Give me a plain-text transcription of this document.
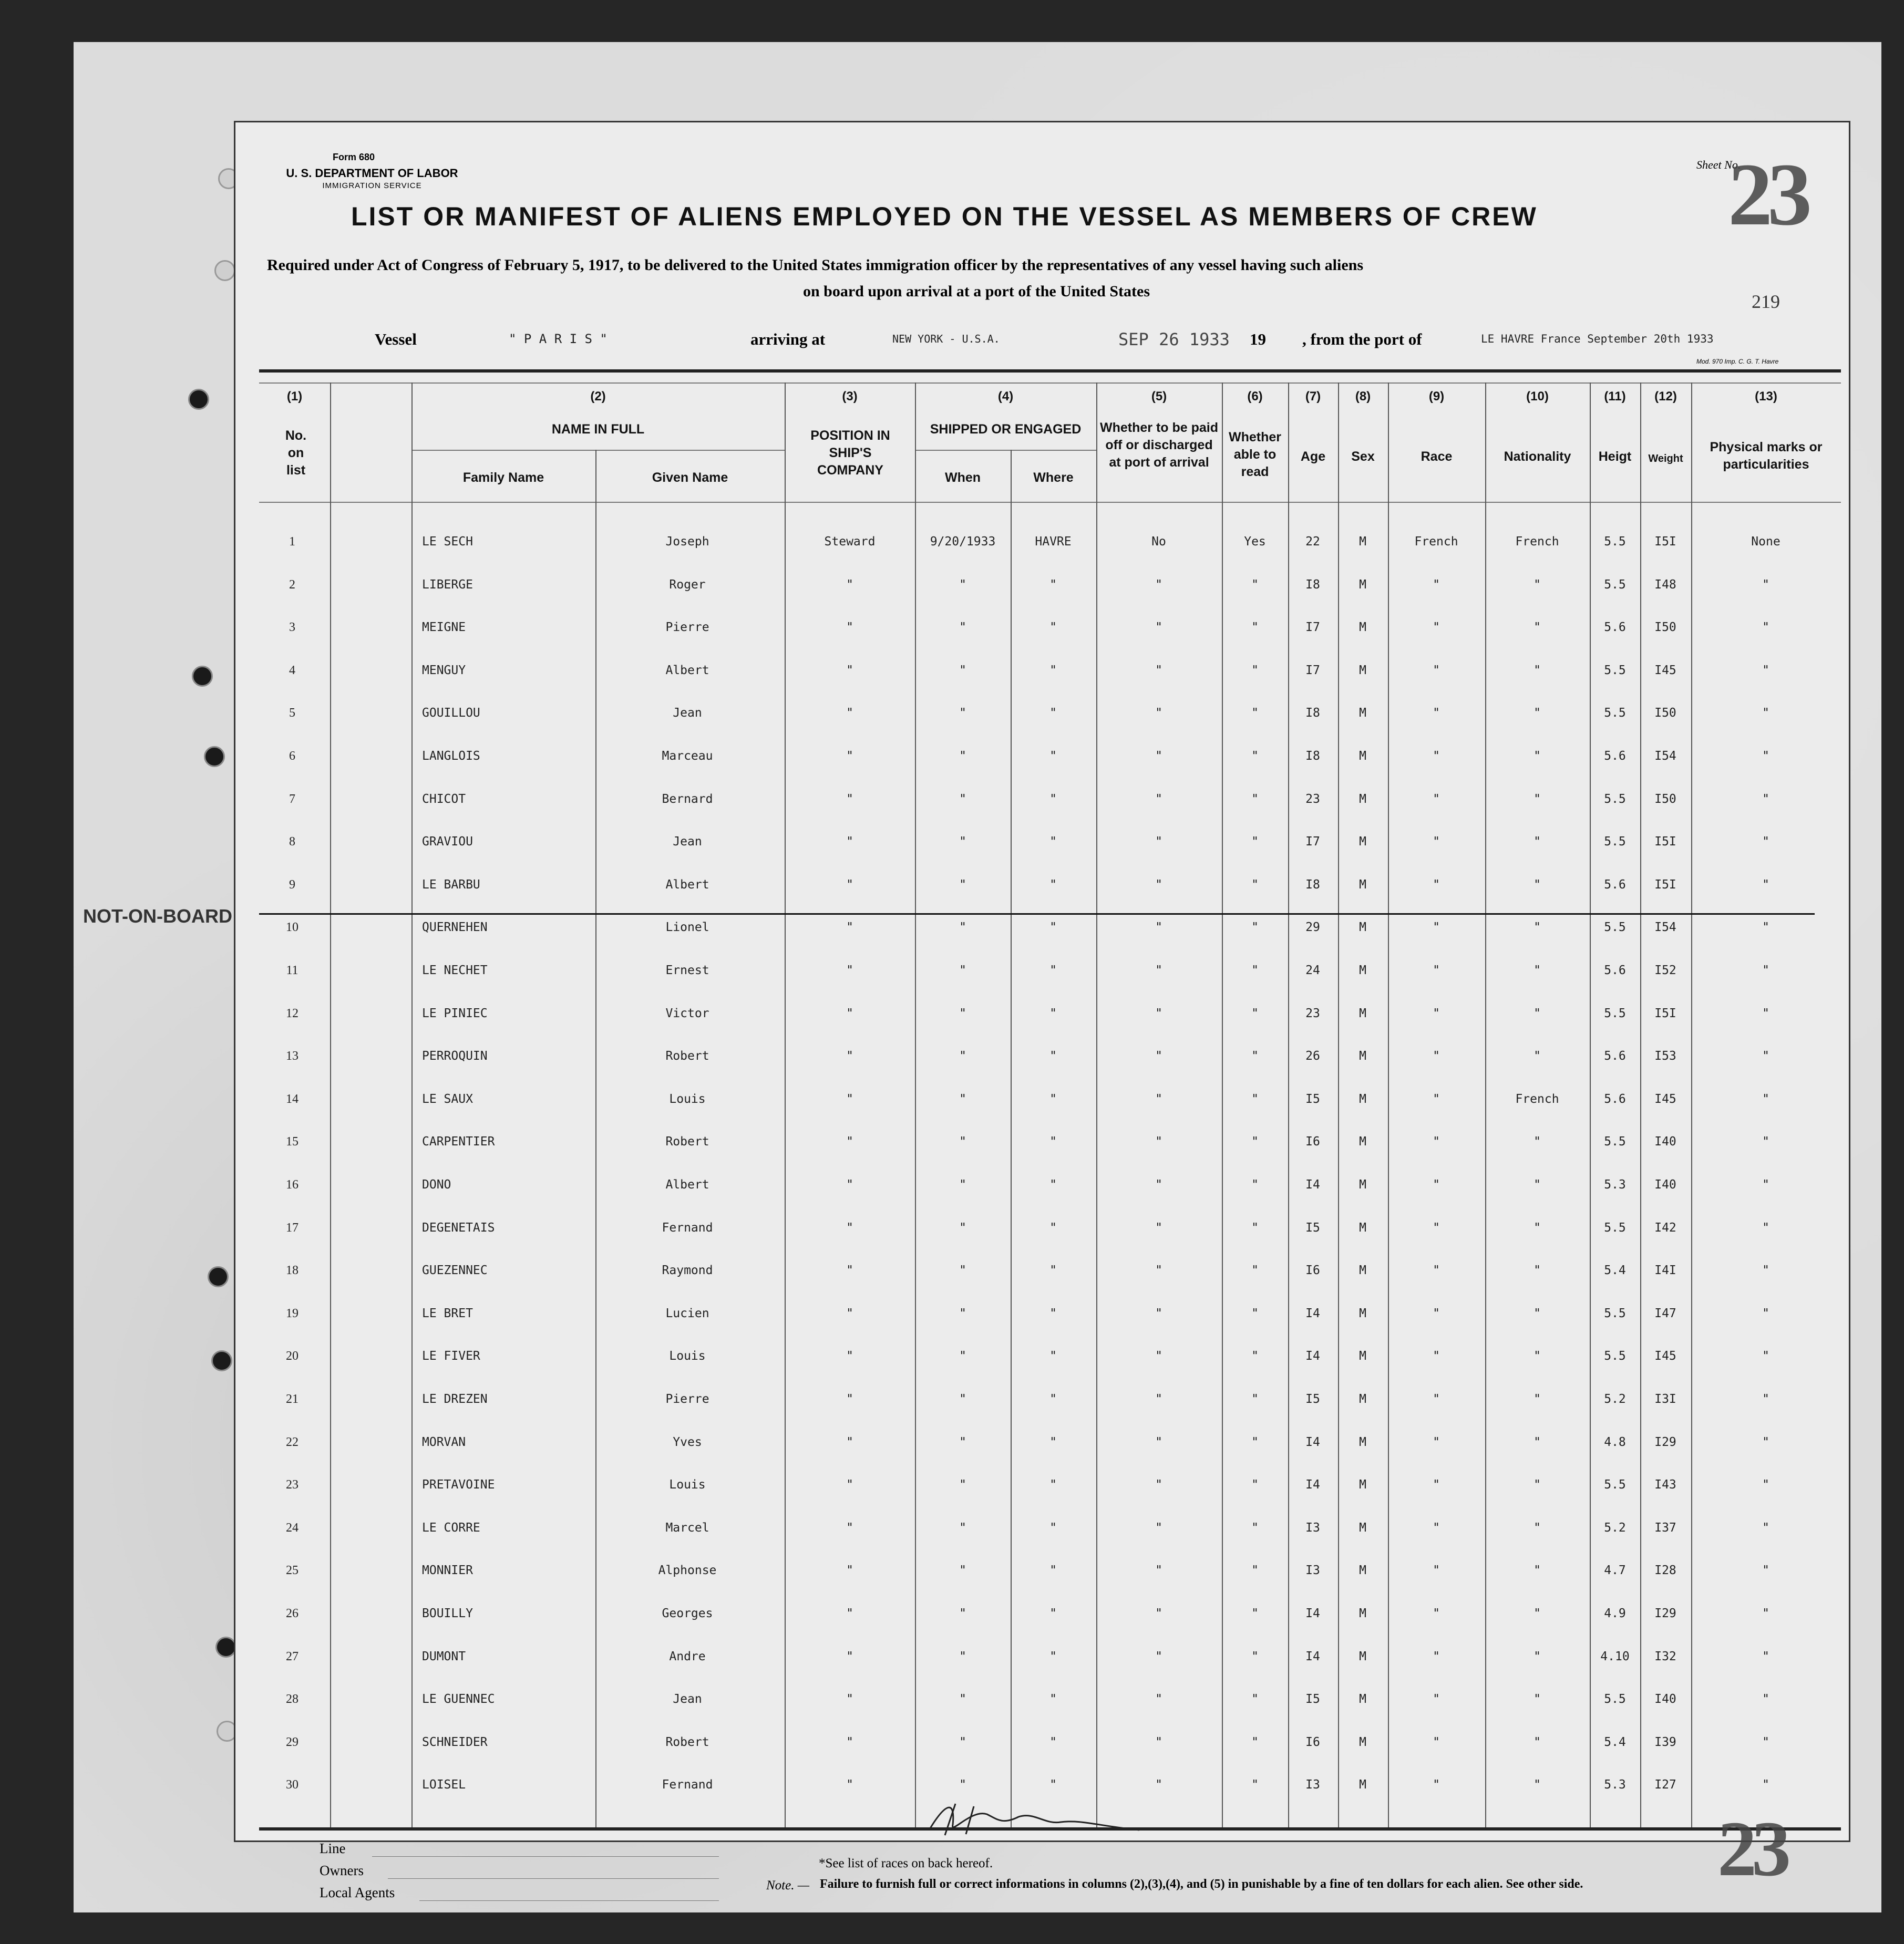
Form 680
U. S. DEPARTMENT OF LABOR
IMMIGRATION SERVICE
LIST OR MANIFEST OF ALIENS EMPLOYED ON THE VESSEL AS MEMBERS OF CREW
Required under Act of Congress of February 5, 1917, to be delivered to the United States immigration officer by the representatives of any vessel having such aliens
on board upon arrival at a port of the United States
Sheet No.
23
219
Vessel	" P A R I S "	arriving at	NEW YORK - U.S.A.	SEP 26 1933 19 , from the port of	LE HAVRE France September 20th 1933
Mod. 970 Imp. C. G. T. Havre
(1)	(2)	(3)	(4)	(5)	(6)	(7)	(8)	(9)	(10)	(11)	(12)	(13)
No. on list
NAME IN FULL
Family Name	Given Name
POSITION IN SHIP'S COMPANY
SHIPPED OR ENGAGED
When	Where
Whether to be paid off or discharged at port of arrival
Whether able to read
Age	Sex	Race	Nationality	Heigt	Weight
Physical marks or particularities
1	LE SECH	Joseph	Steward	9/20/1933	HAVRE	No	Yes	22	M	French	French	5.5	I5I	None
2	LIBERGE	Roger	"	"	"	"	"	I8	M	"	"	5.5	I48	"
3	MEIGNE	Pierre	"	"	"	"	"	I7	M	"	"	5.6	I50	"
4	MENGUY	Albert	"	"	"	"	"	I7	M	"	"	5.5	I45	"
5	GOUILLOU	Jean	"	"	"	"	"	I8	M	"	"	5.5	I50	"
6	LANGLOIS	Marceau	"	"	"	"	"	I8	M	"	"	5.6	I54	"
7	CHICOT	Bernard	"	"	"	"	"	23	M	"	"	5.5	I50	"
8	GRAVIOU	Jean	"	"	"	"	"	I7	M	"	"	5.5	I5I	"
9	LE BARBU	Albert	"	"	"	"	"	I8	M	"	"	5.6	I5I	"
10	QUERNEHEN	Lionel	"	"	"	"	"	29	M	"	"	5.5	I54	"
11	LE NECHET	Ernest	"	"	"	"	"	24	M	"	"	5.6	I52	"
12	LE PINIEC	Victor	"	"	"	"	"	23	M	"	"	5.5	I5I	"
13	PERROQUIN	Robert	"	"	"	"	"	26	M	"	"	5.6	I53	"
14	LE SAUX	Louis	"	"	"	"	"	I5	M	"	French	5.6	I45	"
15	CARPENTIER	Robert	"	"	"	"	"	I6	M	"	"	5.5	I40	"
16	DONO	Albert	"	"	"	"	"	I4	M	"	"	5.3	I40	"
17	DEGENETAIS	Fernand	"	"	"	"	"	I5	M	"	"	5.5	I42	"
18	GUEZENNEC	Raymond	"	"	"	"	"	I6	M	"	"	5.4	I4I	"
19	LE BRET	Lucien	"	"	"	"	"	I4	M	"	"	5.5	I47	"
20	LE FIVER	Louis	"	"	"	"	"	I4	M	"	"	5.5	I45	"
21	LE DREZEN	Pierre	"	"	"	"	"	I5	M	"	"	5.2	I3I	"
22	MORVAN	Yves	"	"	"	"	"	I4	M	"	"	4.8	I29	"
23	PRETAVOINE	Louis	"	"	"	"	"	I4	M	"	"	5.5	I43	"
24	LE CORRE	Marcel	"	"	"	"	"	I3	M	"	"	5.2	I37	"
25	MONNIER	Alphonse	"	"	"	"	"	I3	M	"	"	4.7	I28	"
26	BOUILLY	Georges	"	"	"	"	"	I4	M	"	"	4.9	I29	"
27	DUMONT	Andre	"	"	"	"	"	I4	M	"	"	4.10	I32	"
28	LE GUENNEC	Jean	"	"	"	"	"	I5	M	"	"	5.5	I40	"
29	SCHNEIDER	Robert	"	"	"	"	"	I6	M	"	"	5.4	I39	"
30	LOISEL	Fernand	"	"	"	"	"	I3	M	"	"	5.3	I27	"
NOT-ON-BOARD
Line
Owners
Local Agents
*See list of races on back hereof.
Note. — Failure to furnish full or correct informations in columns (2),(3),(4), and (5) in punishable by a fine of ten dollars for each alien. See other side. 23
